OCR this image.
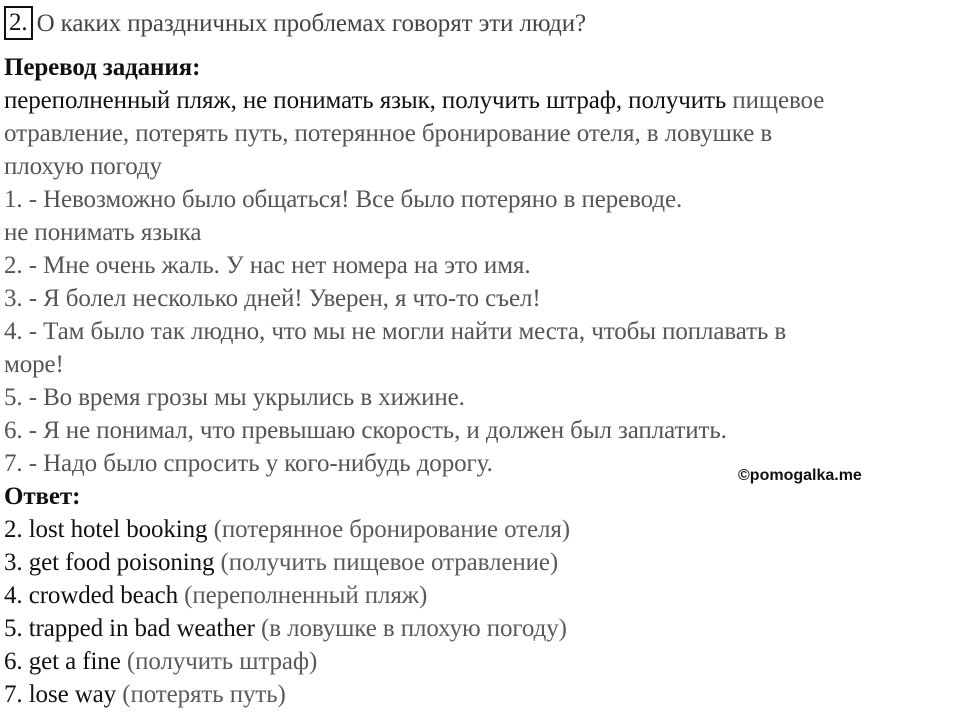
2. О каких праздничных проблемах говорят эти люди?
Перевод задания:
переполненный пляж, не понимать язык, получить штраф, получить пищевое
отравление, потерять путь, потерянное бронирование отеля, в ловушке в
плохую погоду
1. - Невозможно было общаться! Все было потеряно в переводе.
не понимать языка
2. - Мне очень жаль. У нас нет номера на это имя.
3. - Я болел несколько дней! Уверен, я что-то съел!
4. - Там было так людно, что мы не могли найти места, чтобы поплавать в
море!
5. - Во время грозы мы укрылись в хижине.
6. - Я не понимал, что превышаю скорость, и должен был заплатить.
7. - Надо было спросить у кого-нибудь дорогу.
Ответ:
2. lost hotel booking (потерянное бронирование отеля)
3. get food poisoning (получить пищевое отравление)
4. crowded beach (переполненный пляж)
5. trapped in bad weather (в ловушке в плохую погоду)
6. get a fine (получить штраф)
7. lose way (потерять путь)
©pomogalka.me
